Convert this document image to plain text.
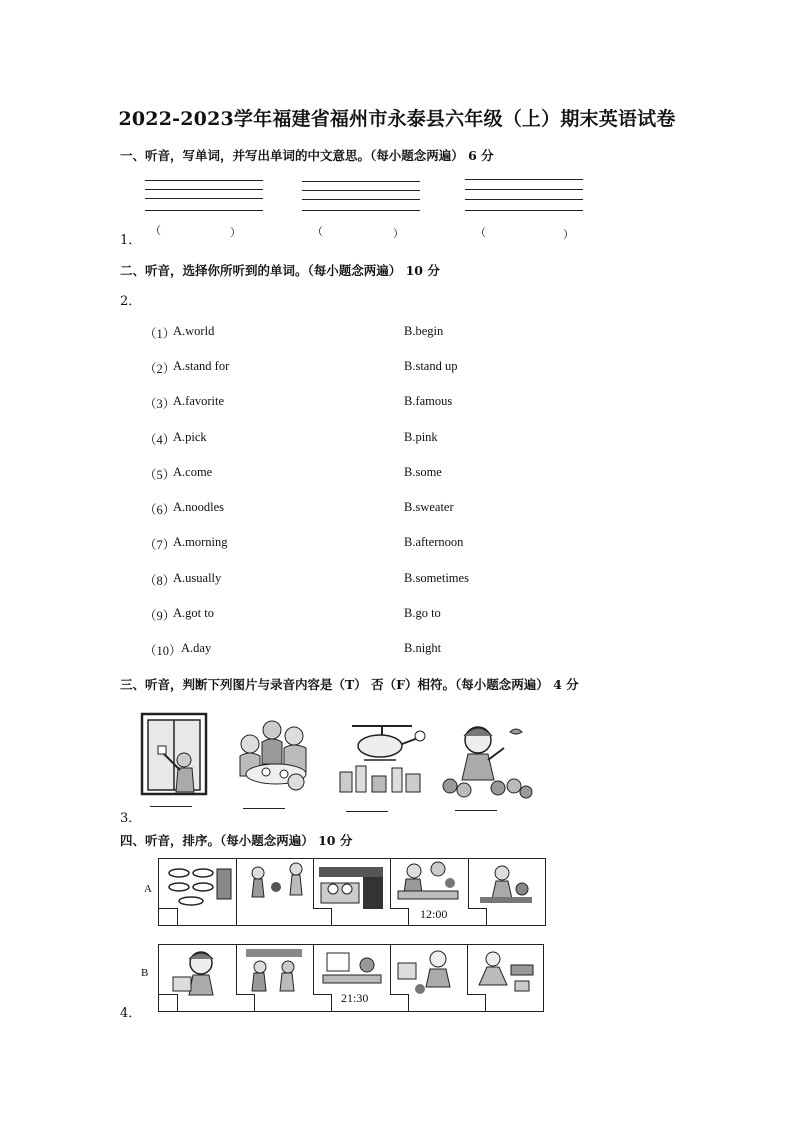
2022-2023学年福建省福州市永泰县六年级（上）期末英语试卷
一、听音，写单词，并写出单词的中文意思。（每小题念两遍） 6 分
1．
（	）	（	）	（	）
二、听音，选择你所听到的单词。（每小题念两遍） 10 分
2．
（1）
A.world	B.begin
（2）
A.stand for	B.stand up
（3）
A.favorite	B.famous
（4）
A.pick	B.pink
（5）
A.come	B.some
（6）
A.noodles	B.sweater
（7）
A.morning	B.afternoon
（8）
A.usually	B.sometimes
（9）
A.got to	B.go to
（10） A.day	B.night
三、听音，判断下列图片与录音内容是（T） 否（F）相符。（每小题念两遍） 4 分
3．
四、听音，排序。（每小题念两遍） 10 分
A
B
12:00
21:30
4．
